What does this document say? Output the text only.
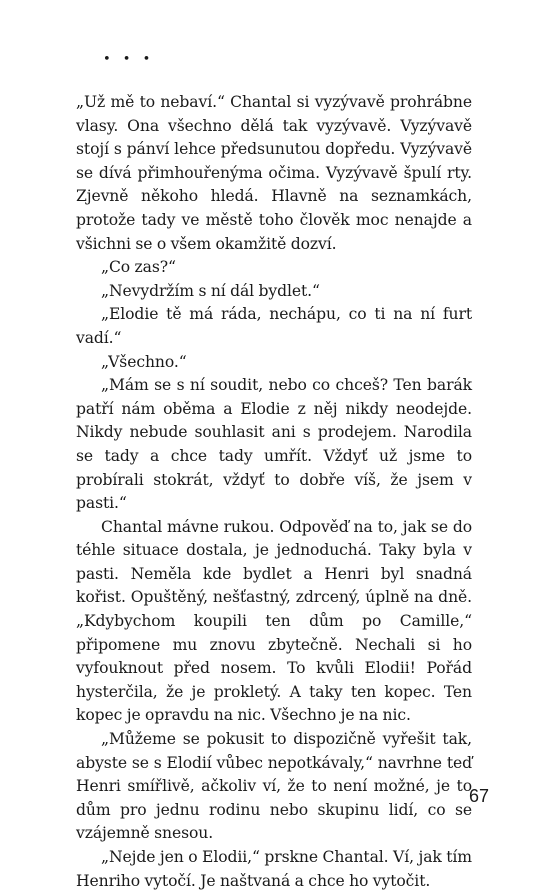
• • •

„Už mě to nebaví.“ Chantal si vyzývavě prohrábne vlasy. Ona všechno dělá tak vyzývavě. Vyzývavě stojí s pánví lehce předsunutou dopředu. Vyzývavě se dívá přimhouřenýma očima. Vyzývavě špulí rty. Zjevně někoho hledá. Hlavně na seznamkách, protože tady ve městě toho člověk moc nenajde a všichni se o všem okamžitě dozví.

„Co zas?“

„Nevydržím s ní dál bydlet.“

„Elodie tě má ráda, nechápu, co ti na ní furt vadí.“

„Všechno.“

„Mám se s ní soudit, nebo co chceš? Ten barák patří nám oběma a Elodie z něj nikdy neodejde. Nikdy nebude souhlasit ani s prodejem. Narodila se tady a chce tady umřít. Vždyť už jsme to probírali stokrát, vždyť to dobře víš, že jsem v pasti.“

Chantal mávne rukou. Odpověď na to, jak se do téhle situace dostala, je jednoduchá. Taky byla v pasti. Neměla kde bydlet a Henri byl snadná kořist. Opuštěný, nešťastný, zdrcený, úplně na dně. „Kdybychom koupili ten dům po Camille,“ připomene mu znovu zbytečně. Nechali si ho vyfouknout před nosem. To kvůli Elodii! Pořád hysterčila, že je prokletý. A taky ten kopec. Ten kopec je opravdu na nic. Všechno je na nic.

„Můžeme se pokusit to dispozičně vyřešit tak, abyste se s Elodií vůbec nepotkávaly,“ navrhne teď Henri smířlivě, ačkoliv ví, že to není možné, je to dům pro jednu rodinu nebo skupinu lidí, co se vzájemně snesou.

„Nejde jen o Elodii,“ prskne Chantal. Ví, jak tím Henriho vytočí. Je naštvaná a chce ho vytočit.

67
